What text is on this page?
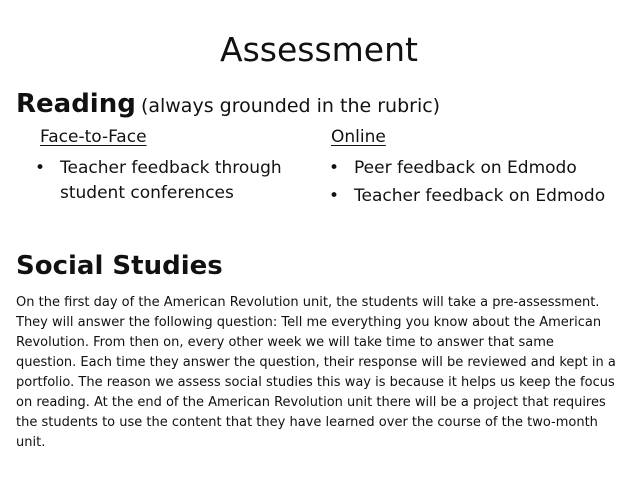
Assessment
Reading (always grounded in the rubric)
Face-to-Face	Online
• Teacher feedback through student conferences
• Peer feedback on Edmodo
• Teacher feedback on Edmodo
Social Studies
On the first day of the American Revolution unit, the students will take a pre-assessment. They will answer the following question: Tell me everything you know about the American Revolution. From then on, every other week we will take time to answer that same question. Each time they answer the question, their response will be reviewed and kept in a portfolio. The reason we assess social studies this way is because it helps us keep the focus on reading. At the end of the American Revolution unit there will be a project that requires the students to use the content that they have learned over the course of the two-month unit.
